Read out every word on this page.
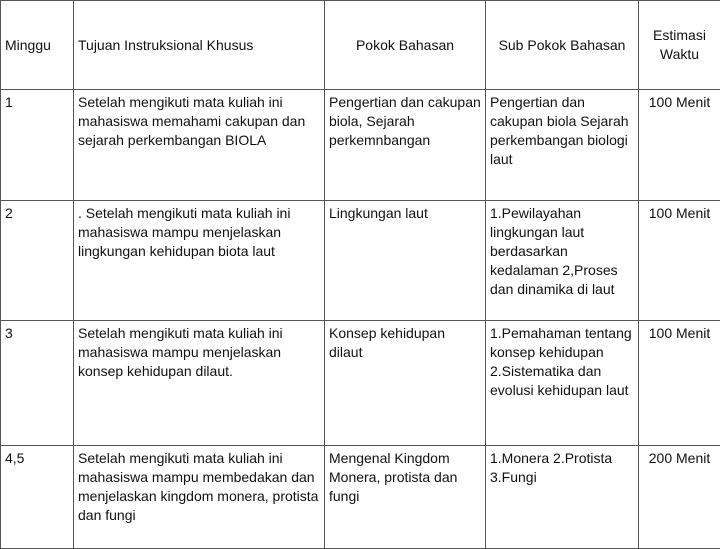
Minggu	Tujuan Instruksional Khusus	Pokok Bahasan	Sub Pokok Bahasan	Estimasi Waktu
1	Setelah mengikuti mata kuliah ini mahasiswa memahami cakupan dan sejarah perkembangan BIOLA	Pengertian dan cakupan biola, Sejarah perkemnbangan	Pengertian dan cakupan biola Sejarah perkembangan biologi laut	100 Menit
2	. Setelah mengikuti mata kuliah ini mahasiswa mampu menjelaskan lingkungan kehidupan biota laut	Lingkungan laut	1.Pewilayahan lingkungan laut berdasarkan kedalaman 2,Proses dan dinamika di laut	100 Menit
3	Setelah mengikuti mata kuliah ini mahasiswa mampu menjelaskan konsep kehidupan dilaut.	Konsep kehidupan dilaut	1.Pemahaman tentang konsep kehidupan 2.Sistematika dan evolusi kehidupan laut	100 Menit
4,5	Setelah mengikuti mata kuliah ini mahasiswa mampu membedakan dan menjelaskan kingdom monera, protista dan fungi	Mengenal Kingdom Monera, protista dan fungi	1.Monera 2.Protista 3.Fungi	200 Menit
